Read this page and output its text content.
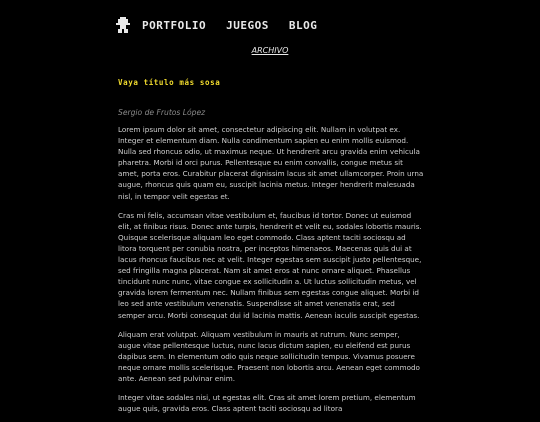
PORTFOLIO JUEGOS BLOG
ARCHIVO
Vaya título más sosa

Sergio de Frutos López

Lorem ipsum dolor sit amet, consectetur adipiscing elit. Nullam in volutpat ex. Integer et elementum diam. Nulla condimentum sapien eu enim mollis euismod. Nulla sed rhoncus odio, ut maximus neque. Ut hendrerit arcu gravida enim vehicula pharetra. Morbi id orci purus. Pellentesque eu enim convallis, congue metus sit amet, porta eros. Curabitur placerat dignissim lacus sit amet ullamcorper. Proin urna augue, rhoncus quis quam eu, suscipit lacinia metus. Integer hendrerit malesuada nisl, in tempor velit egestas et.

Cras mi felis, accumsan vitae vestibulum et, faucibus id tortor. Donec ut euismod elit, at finibus risus. Donec ante turpis, hendrerit et velit eu, sodales lobortis mauris. Quisque scelerisque aliquam leo eget commodo. Class aptent taciti sociosqu ad litora torquent per conubia nostra, per inceptos himenaeos. Maecenas quis dui at lacus rhoncus faucibus nec at velit. Integer egestas sem suscipit justo pellentesque, sed fringilla magna placerat. Nam sit amet eros at nunc ornare aliquet. Phasellus tincidunt nunc nunc, vitae congue ex sollicitudin a. Ut luctus sollicitudin metus, vel gravida lorem fermentum nec. Nullam finibus sem egestas congue aliquet. Morbi id leo sed ante vestibulum venenatis. Suspendisse sit amet venenatis erat, sed semper arcu. Morbi consequat dui id lacinia mattis. Aenean iaculis suscipit egestas.

Aliquam erat volutpat. Aliquam vestibulum in mauris at rutrum. Nunc semper, augue vitae pellentesque luctus, nunc lacus dictum sapien, eu eleifend est purus dapibus sem. In elementum odio quis neque sollicitudin tempus. Vivamus posuere neque ornare mollis scelerisque. Praesent non lobortis arcu. Aenean eget commodo ante. Aenean sed pulvinar enim.

Integer vitae sodales nisi, ut egestas elit. Cras sit amet lorem pretium, elementum augue quis, gravida eros. Class aptent taciti sociosqu ad litora
